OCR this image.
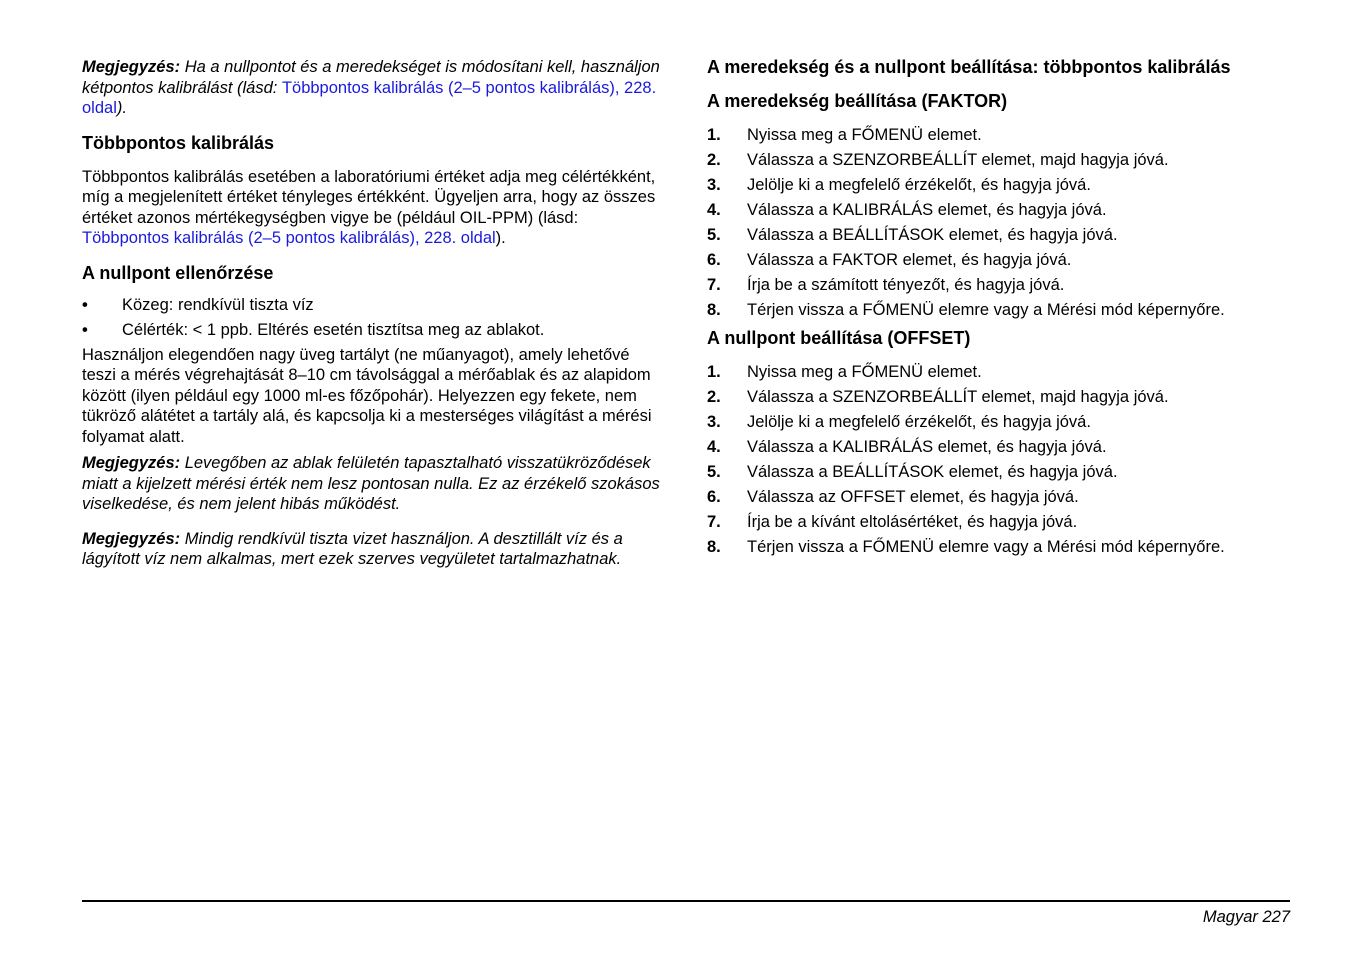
Megjegyzés: Ha a nullpontot és a meredekséget is módosítani kell, használjon kétpontos kalibrálást (lásd: Többpontos kalibrálás (2–5 pontos kalibrálás), 228. oldal).

Többpontos kalibrálás

Többpontos kalibrálás esetében a laboratóriumi értéket adja meg célértékként, míg a megjelenített értéket tényleges értékként. Ügyeljen arra, hogy az összes értéket azonos mértékegységben vigye be (például OIL-PPM) (lásd: Többpontos kalibrálás (2–5 pontos kalibrálás), 228. oldal).

A nullpont ellenőrzése
• Közeg: rendkívül tiszta víz
• Célérték: < 1 ppb. Eltérés esetén tisztítsa meg az ablakot.

Használjon elegendően nagy üveg tartályt (ne műanyagot), amely lehetővé teszi a mérés végrehajtását 8–10 cm távolsággal a mérőablak és az alapidom között (ilyen például egy 1000 ml-es főzőpohár). Helyezzen egy fekete, nem tükröző alátétet a tartály alá, és kapcsolja ki a mesterséges világítást a mérési folyamat alatt.

Megjegyzés: Levegőben az ablak felületén tapasztalható visszatükröződések miatt a kijelzett mérési érték nem lesz pontosan nulla. Ez az érzékelő szokásos viselkedése, és nem jelent hibás működést.

Megjegyzés: Mindig rendkívül tiszta vizet használjon. A desztillált víz és a lágyított víz nem alkalmas, mert ezek szerves vegyületet tartalmazhatnak.

A meredekség és a nullpont beállítása: többpontos kalibrálás
A meredekség beállítása (FAKTOR)
1. Nyissa meg a FŐMENÜ elemet.
2. Válassza a SZENZORBEÁLLÍT elemet, majd hagyja jóvá.
3. Jelölje ki a megfelelő érzékelőt, és hagyja jóvá.
4. Válassza a KALIBRÁLÁS elemet, és hagyja jóvá.
5. Válassza a BEÁLLÍTÁSOK elemet, és hagyja jóvá.
6. Válassza a FAKTOR elemet, és hagyja jóvá.
7. Írja be a számított tényezőt, és hagyja jóvá.
8. Térjen vissza a FŐMENÜ elemre vagy a Mérési mód képernyőre.
A nullpont beállítása (OFFSET)
1. Nyissa meg a FŐMENÜ elemet.
2. Válassza a SZENZORBEÁLLÍT elemet, majd hagyja jóvá.
3. Jelölje ki a megfelelő érzékelőt, és hagyja jóvá.
4. Válassza a KALIBRÁLÁS elemet, és hagyja jóvá.
5. Válassza a BEÁLLÍTÁSOK elemet, és hagyja jóvá.
6. Válassza az OFFSET elemet, és hagyja jóvá.
7. Írja be a kívánt eltolásértéket, és hagyja jóvá.
8. Térjen vissza a FŐMENÜ elemre vagy a Mérési mód képernyőre.
Magyar 227
